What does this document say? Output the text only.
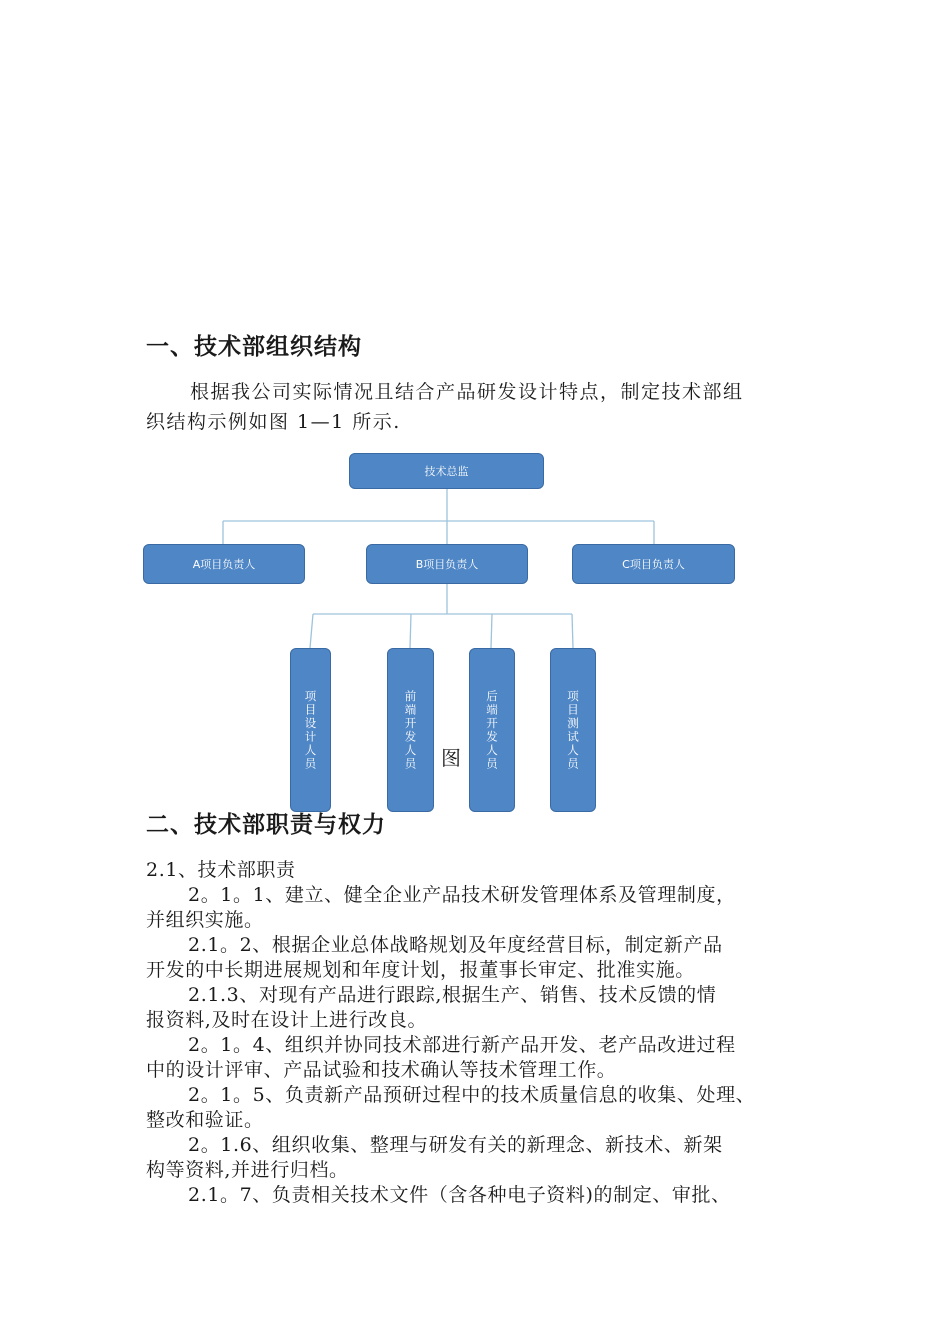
一、技术部组织结构

根据我公司实际情况且结合产品研发设计特点，制定技术部组
织结构示例如图 1—1 所示.

技术总监
A项目负责人	B项目负责人	C项目负责人
图
项目设计人员	前端开发人员	后端开发人员	项目测试人员
二、技术部职责与权力
2.1、技术部职责
2。1。1、建立、健全企业产品技术研发管理体系及管理制度，
并组织实施。
2.1。2、根据企业总体战略规划及年度经营目标，制定新产品
开发的中长期进展规划和年度计划，报董事长审定、批准实施。
2.1.3、对现有产品进行跟踪,根据生产、销售、技术反馈的情
报资料,及时在设计上进行改良。
2。1。4、组织并协同技术部进行新产品开发、老产品改进过程
中的设计评审、产品试验和技术确认等技术管理工作。
2。1。5、负责新产品预研过程中的技术质量信息的收集、处理、
整改和验证。
2。1.6、组织收集、整理与研发有关的新理念、新技术、新架
构等资料,并进行归档。
2.1。7、负责相关技术文件（含各种电子资料)的制定、审批、
